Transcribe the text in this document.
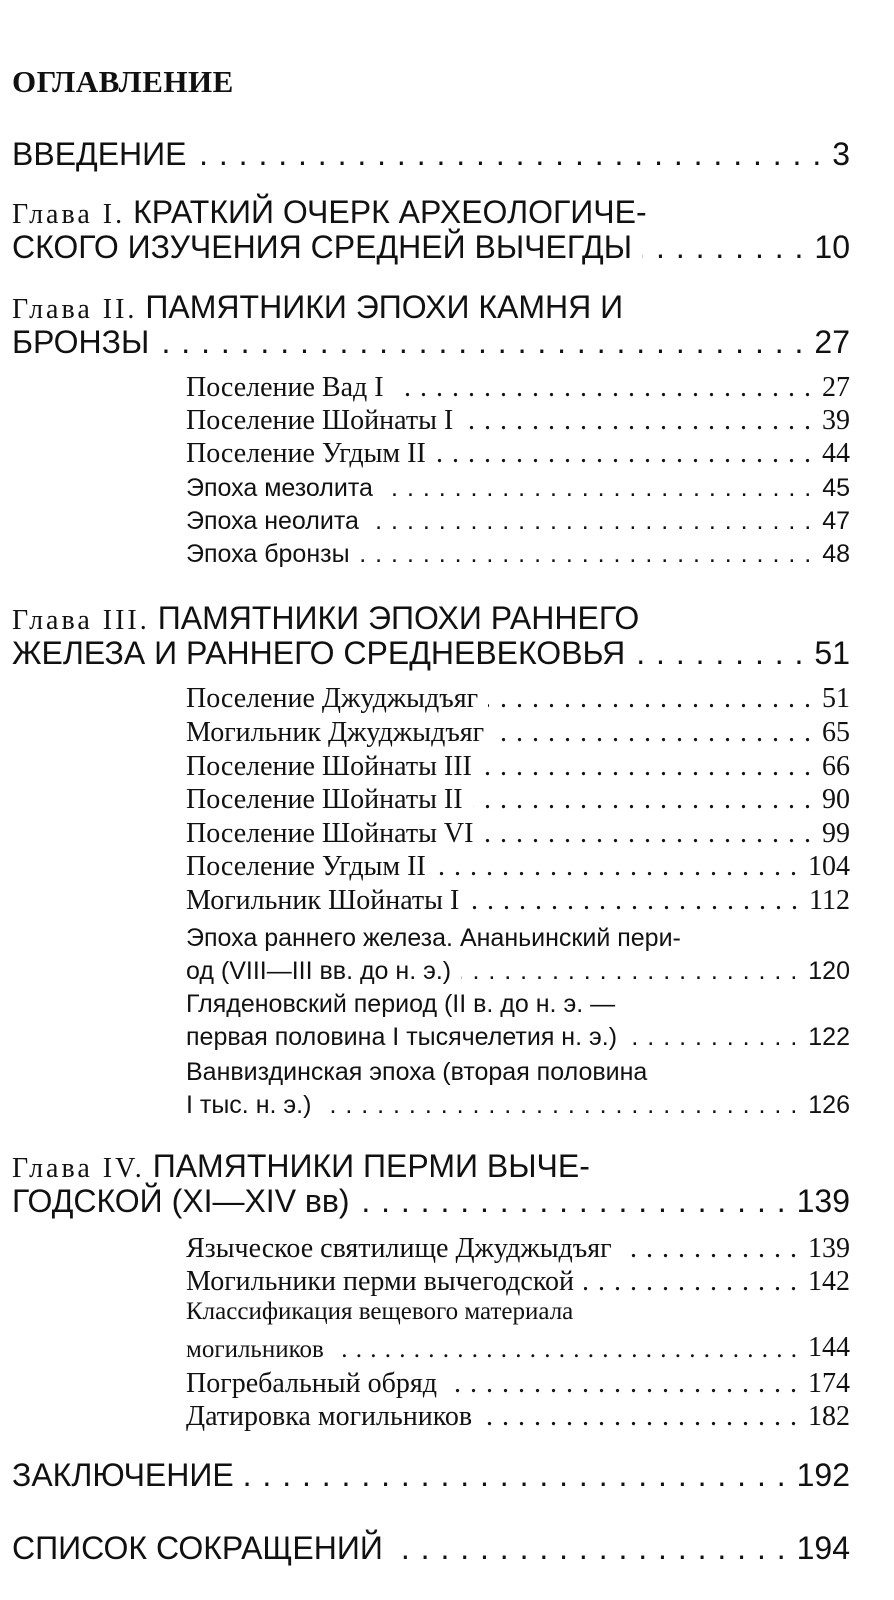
ОГЛАВЛЕНИЕ
ВВЕДЕНИЕ . . .	3
Глава I. КРАТКИЙ ОЧЕРК АРХЕОЛОГИЧЕ-
СКОГО ИЗУЧЕНИЯ СРЕДНЕЙ ВЫЧЕГДЫ . . .	10
Глава II. ПАМЯТНИКИ ЭПОХИ КАМНЯ И
БРОНЗЫ . . .	27
Поселение Вад I . . .	27
Поселение Шойнаты I . . .	39
Поселение Угдым II . . .	44
Эпоха мезолита . . .	45
Эпоха неолита . . .	47
Эпоха бронзы . . .	48
Глава III. ПАМЯТНИКИ ЭПОХИ РАННЕГО
ЖЕЛЕЗА И РАННЕГО СРЕДНЕВЕКОВЬЯ . . .	51
Поселение Джуджыдъяг . . .	51
Могильник Джуджыдъяг . . .	65
Поселение Шойнаты III . . .	66
Поселение Шойнаты II . . .	90
Поселение Шойнаты VI . . .	99
Поселение Угдым II . . .	104
Могильник Шойнаты I . . .	112
Эпоха раннего железа. Ананьинский пери-
од (VIII—III вв. до н. э.) . . .	120
Гляденовский период (II в. до н. э. —
первая половина I тысячелетия н. э.) . . .	122
Ванвиздинская эпоха (вторая половина
I тыс. н. э.) . . .	126
Глава IV. ПАМЯТНИКИ ПЕРМИ ВЫЧЕ-
ГОДСКОЙ (XI—XIV вв) . . .	139
Языческое святилище Джуджыдъяг . . .	139
Могильники перми вычегодской . . .	142
Классификация вещевого материала
могильников . . .	144
Погребальный обряд . . .	174
Датировка могильников . . .	182
ЗАКЛЮЧЕНИЕ . . .	192
СПИСОК СОКРАЩЕНИЙ . . .	194
